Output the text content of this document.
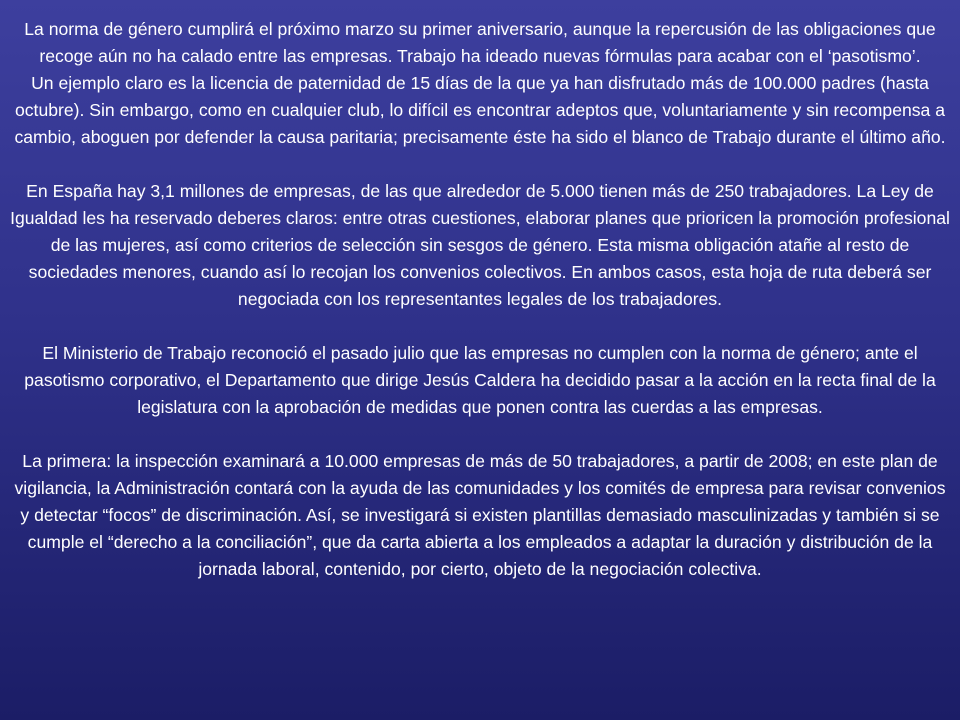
La norma de género cumplirá el próximo marzo su primer aniversario, aunque la repercusión de las obligaciones que recoge aún no ha calado entre las empresas. Trabajo ha ideado nuevas fórmulas para acabar con el ‘pasotismo’.

Un ejemplo claro es la licencia de paternidad de 15 días de la que ya han disfrutado más de 100.000 padres (hasta octubre). Sin embargo, como en cualquier club, lo difícil es encontrar adeptos que, voluntariamente y sin recompensa a cambio, aboguen por defender la causa paritaria; precisamente éste ha sido el blanco de Trabajo durante el último año.

En España hay 3,1 millones de empresas, de las que alrededor de 5.000 tienen más de 250 trabajadores. La Ley de Igualdad les ha reservado deberes claros: entre otras cuestiones, elaborar planes que prioricen la promoción profesional de las mujeres, así como criterios de selección sin sesgos de género. Esta misma obligación atañe al resto de sociedades menores, cuando así lo recojan los convenios colectivos. En ambos casos, esta hoja de ruta deberá ser negociada con los representantes legales de los trabajadores.

El Ministerio de Trabajo reconoció el pasado julio que las empresas no cumplen con la norma de género; ante el pasotismo corporativo, el Departamento que dirige Jesús Caldera ha decidido pasar a la acción en la recta final de la legislatura con la aprobación de medidas que ponen contra las cuerdas a las empresas.

La primera: la inspección examinará a 10.000 empresas de más de 50 trabajadores, a partir de 2008; en este plan de vigilancia, la Administración contará con la ayuda de las comunidades y los comités de empresa para revisar convenios y detectar “focos” de discriminación. Así, se investigará si existen plantillas demasiado masculinizadas y también si se cumple el “derecho a la conciliación”, que da carta abierta a los empleados a adaptar la duración y distribución de la jornada laboral, contenido, por cierto, objeto de la negociación colectiva.
